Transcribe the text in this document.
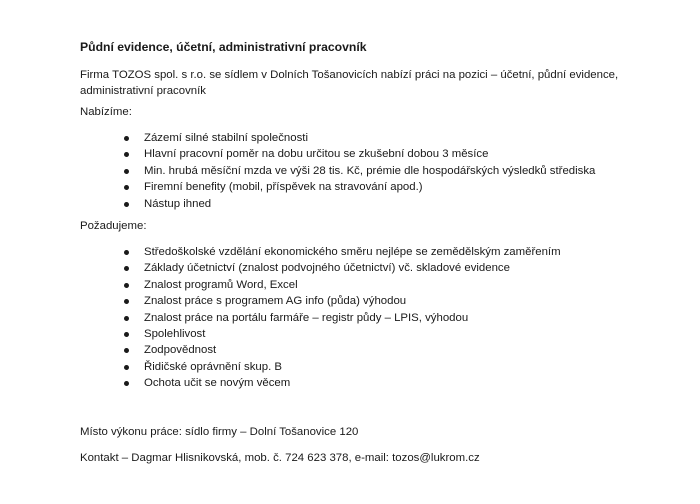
Půdní evidence, účetní, administrativní pracovník

Firma TOZOS spol. s r.o. se sídlem v Dolních Tošanovicích nabízí práci na pozici – účetní, půdní evidence, administrativní pracovník

Nabízíme:

Zázemí silné stabilní společnosti
Hlavní pracovní poměr na dobu určitou se zkušební dobou 3 měsíce
Min. hrubá měsíční mzda ve výši 28 tis. Kč, prémie dle hospodářských výsledků střediska
Firemní benefity (mobil, příspěvek na stravování apod.)
Nástup ihned

Požadujeme:

Středoškolské vzdělání ekonomického směru nejlépe se zemědělským zaměřením
Základy účetnictví (znalost podvojného účetnictví) vč. skladové evidence
Znalost programů Word, Excel
Znalost práce s programem AG info (půda) výhodou
Znalost práce na portálu farmáře – registr půdy – LPIS, výhodou
Spolehlivost
Zodpovědnost
Řidičské oprávnění skup. B
Ochota učit se novým věcem

Místo výkonu práce: sídlo firmy – Dolní Tošanovice 120

Kontakt – Dagmar Hlisnikovská, mob. č. 724 623 378, e-mail: tozos@lukrom.cz
